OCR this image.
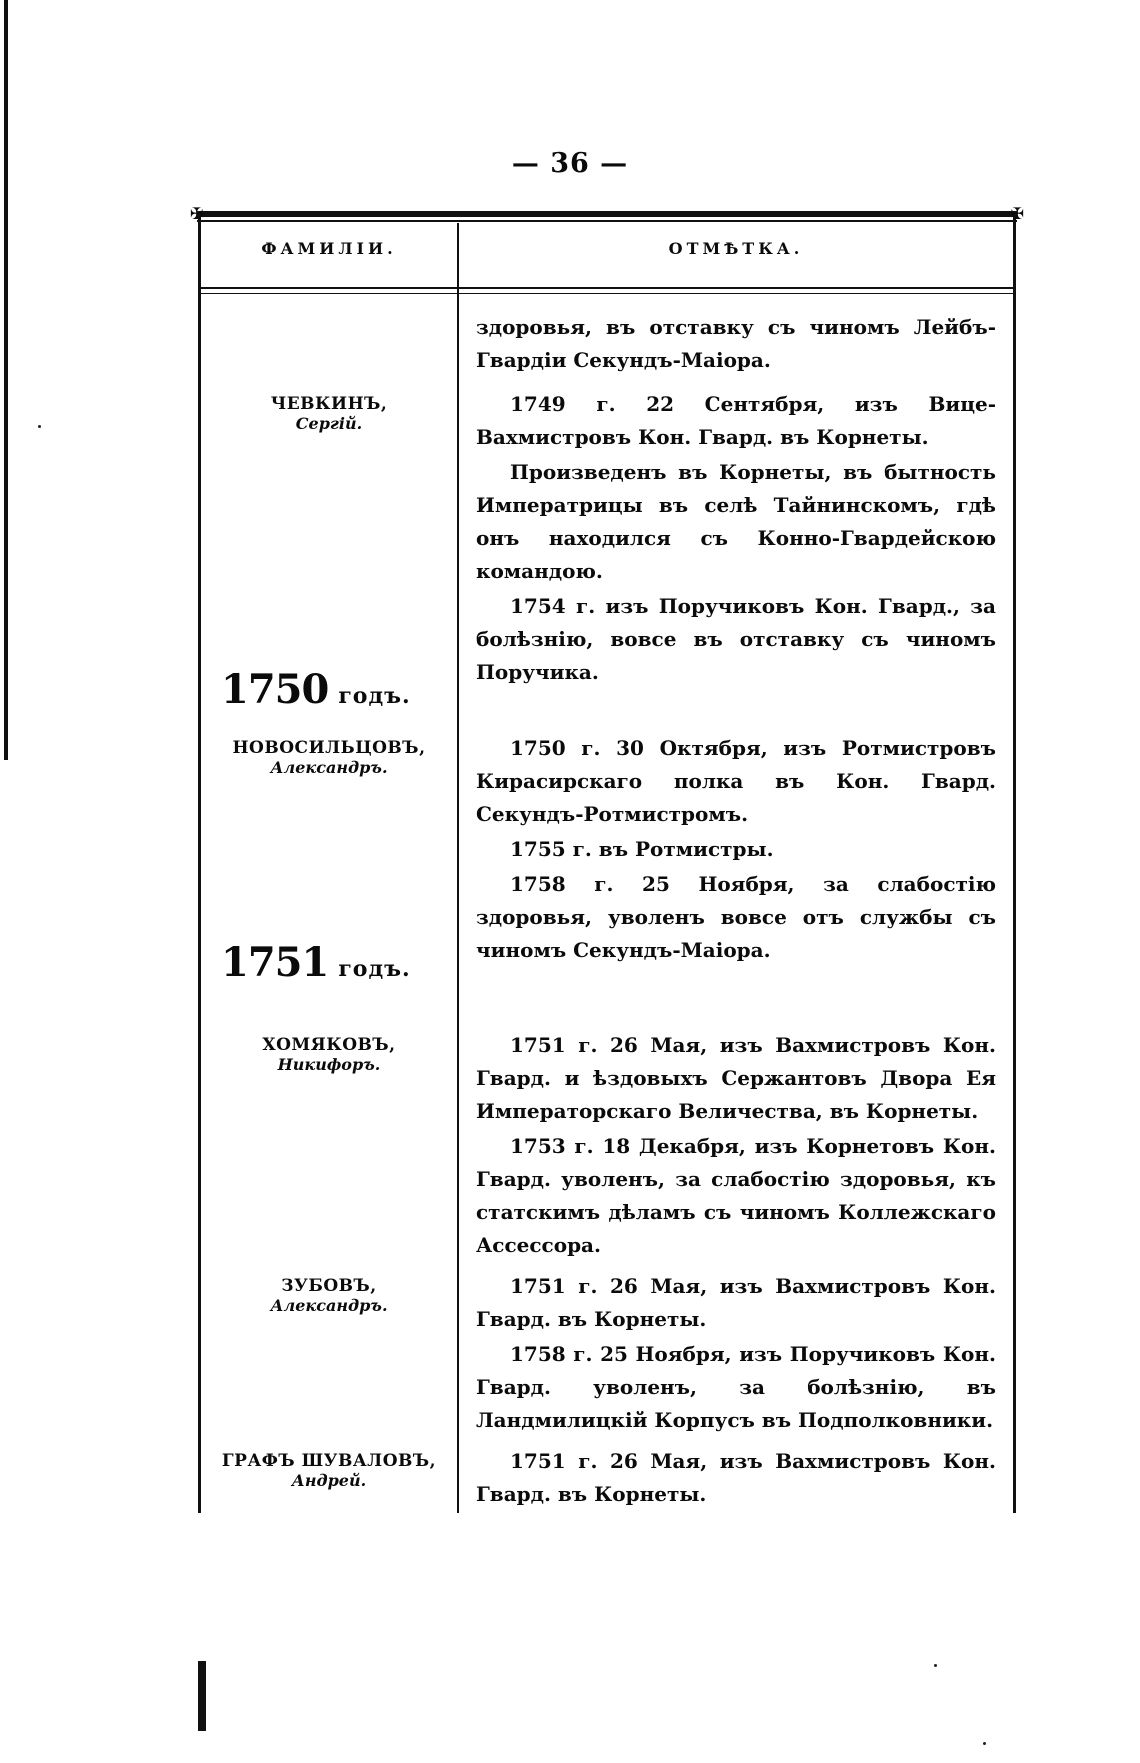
— 36 —
✠	✠
ФАМИЛІИ.	ОТМѢТКА.

здоровья, въ отставку съ чиномъ Лейбъ-Гвардіи Секундъ-Маіора.

ЧЕВКИНЪ,
Сергій.

1749 г. 22 Сентября, изъ Вице-Вахмистровъ Кон. Гвард. въ Корнеты.

Произведенъ въ Корнеты, въ бытность Императрицы въ селѣ Тайнинскомъ, гдѣ онъ находился съ Конно-Гвардейскою командою.

1754 г. изъ Поручиковъ Кон. Гвард., за болѣзнію, вовсе въ отставку съ чиномъ Поручика.

1750 годъ.
НОВОСИЛЬЦОВЪ,
Александръ.

1750 г. 30 Октября, изъ Ротмистровъ Кирасирскаго полка въ Кон. Гвард. Секундъ-Ротмистромъ.

1755 г. въ Ротмистры.

1758 г. 25 Ноября, за слабостію здоровья, уволенъ вовсе отъ службы съ чиномъ Секундъ-Маіора.

1751 годъ.
ХОМЯКОВЪ,
Никифоръ.

1751 г. 26 Мая, изъ Вахмистровъ Кон. Гвард. и ѣздовыхъ Сержантовъ Двора Ея Императорскаго Величества, въ Корнеты.

1753 г. 18 Декабря, изъ Корнетовъ Кон. Гвард. уволенъ, за слабостію здоровья, къ статскимъ дѣламъ съ чиномъ Коллежскаго Ассессора.

ЗУБОВЪ,
Александръ.

1751 г. 26 Мая, изъ Вахмистровъ Кон. Гвард. въ Корнеты.

1758 г. 25 Ноября, изъ Поручиковъ Кон. Гвард. уволенъ, за болѣзнію, въ Ландмилицкій Корпусъ въ Подполковники.

ГРАФЪ ШУВАЛОВЪ,
Андрей.

1751 г. 26 Мая, изъ Вахмистровъ Кон. Гвард. въ Корнеты.
